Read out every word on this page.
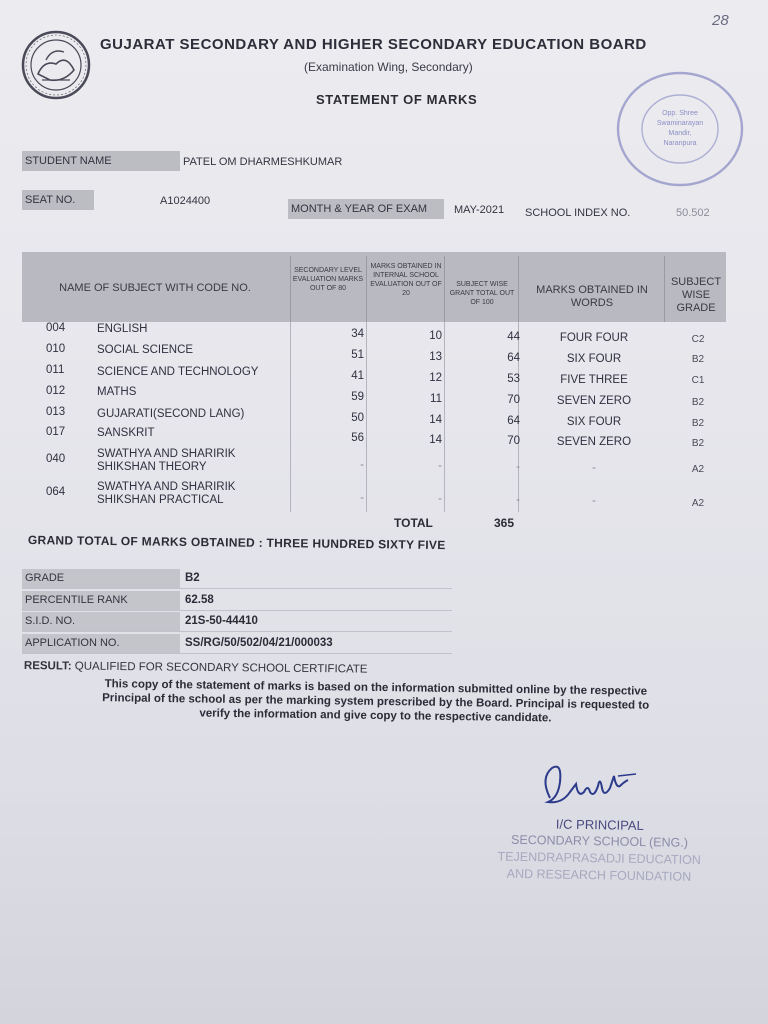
28
GUJARAT SECONDARY AND HIGHER SECONDARY EDUCATION BOARD
(Examination Wing, Secondary)
STATEMENT OF MARKS
Opp. Shree
Swaminarayan
Mandir,
Naranpura
STUDENT NAME	PATEL OM DHARMESHKUMAR
SEAT NO.	A1024400
MONTH & YEAR OF EXAM	MAY-2021 SCHOOL INDEX NO.	50.502
NAME OF SUBJECT WITH CODE NO.
SECONDARY LEVEL EVALUATION MARKS OUT OF 80
MARKS OBTAINED IN INTERNAL SCHOOL EVALUATION OUT OF 20
SUBJECT WISE GRANT TOTAL OUT OF 100
MARKS OBTAINED IN WORDS
SUBJECT WISE GRADE
004	ENGLISH	34	10	44	FOUR FOUR	C2
010	SOCIAL SCIENCE	51	13	64	SIX FOUR	B2
011	SCIENCE AND TECHNOLOGY	41	12	53	FIVE THREE	C1
012	MATHS	59	11	70	SEVEN ZERO	B2
013	GUJARATI(SECOND LANG)	50	14	64	SIX FOUR	B2
017	SANSKRIT	56	14	70	SEVEN ZERO	B2
040	SWATHYA AND SHARIRIK
SHIKSHAN THEORY	-	-	-	-	A2
064	SWATHYA AND SHARIRIK
SHIKSHAN PRACTICAL	-	-	-	-	A2
TOTAL	365
GRAND TOTAL OF MARKS OBTAINED : THREE HUNDRED SIXTY FIVE
GRADE	B2
PERCENTILE RANK	62.58
S.I.D. NO.	21S-50-44410
APPLICATION NO.	SS/RG/50/502/04/21/000033
RESULT: QUALIFIED FOR SECONDARY SCHOOL CERTIFICATE
This copy of the statement of marks is based on the information submitted online by the respective
Principal of the school as per the marking system prescribed by the Board. Principal is requested to
verify the information and give copy to the respective candidate.
I/C PRINCIPAL
SECONDARY SCHOOL (ENG.)
TEJENDRAPRASADJI EDUCATION
AND RESEARCH FOUNDATION
